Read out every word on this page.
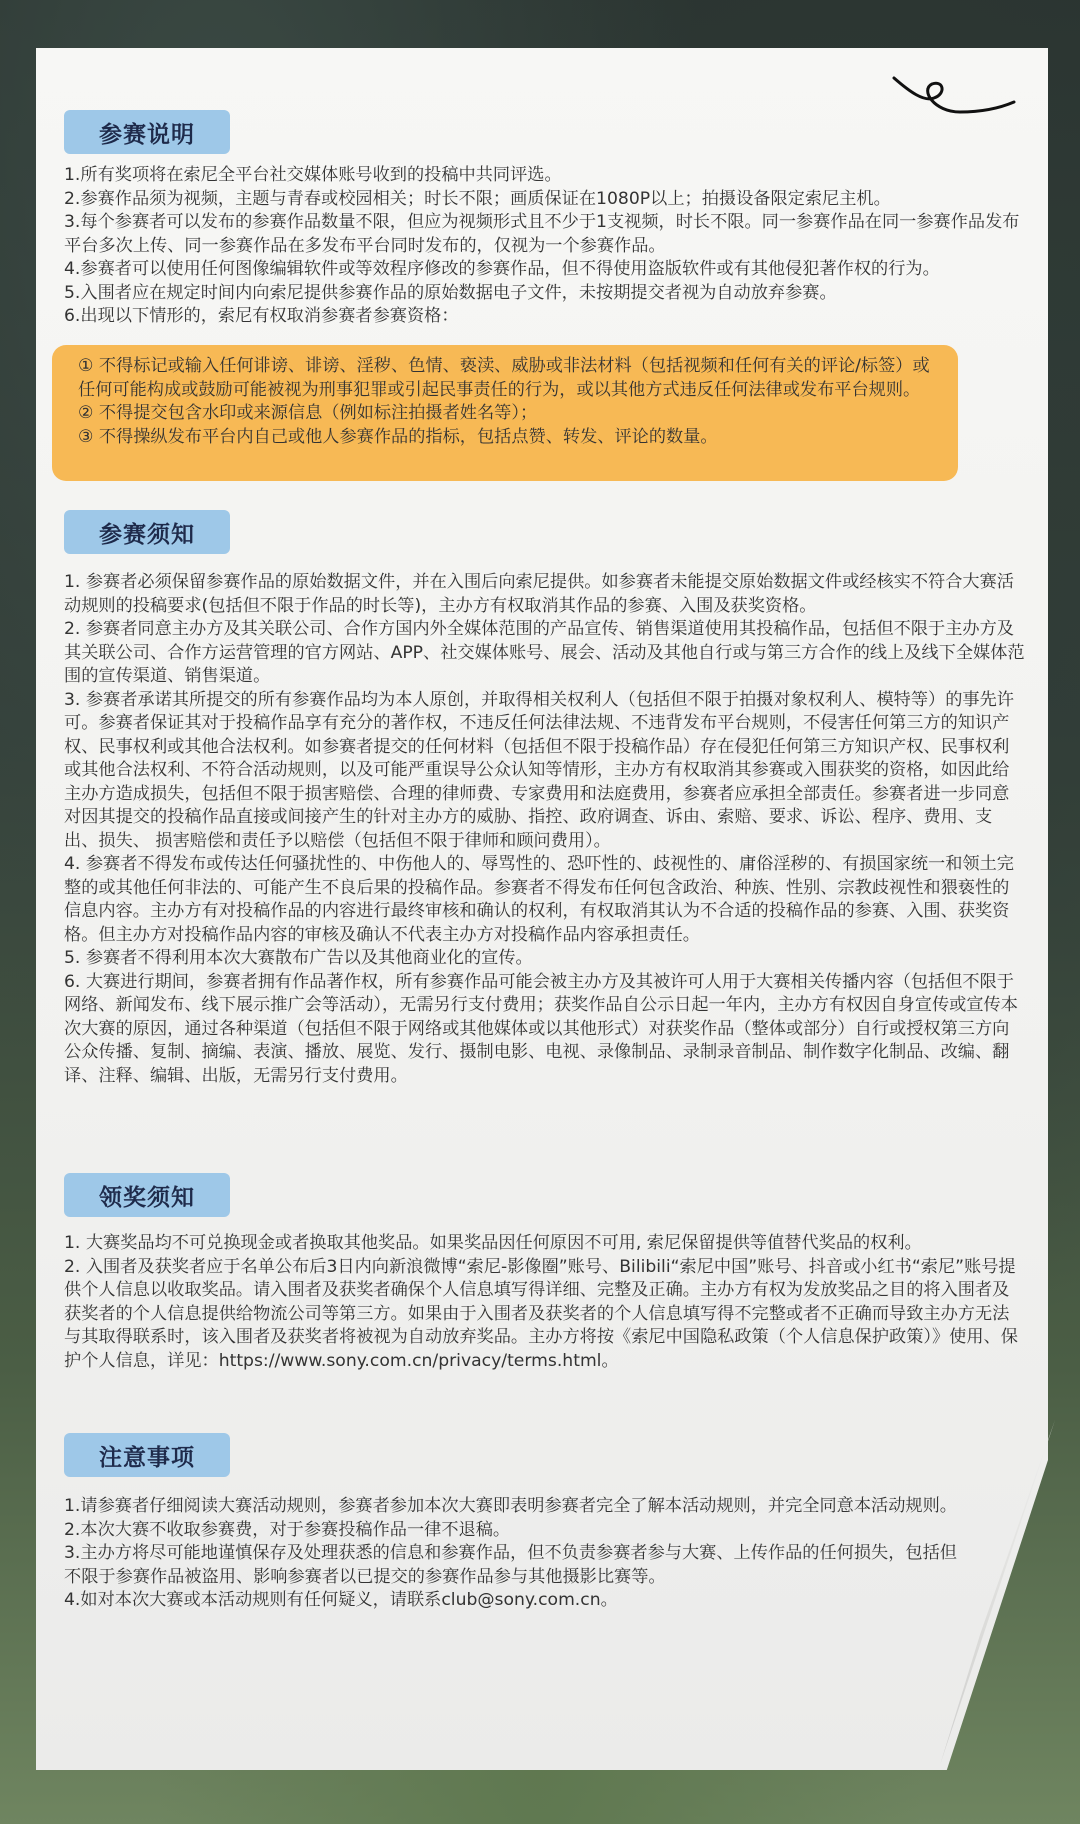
参赛说明

1.所有奖项将在索尼全平台社交媒体账号收到的投稿中共同评选。

2.参赛作品须为视频，主题与青春或校园相关；时长不限；画质保证在1080P以上；拍摄设备限定索尼主机。

3.每个参赛者可以发布的参赛作品数量不限，但应为视频形式且不少于1支视频，时长不限。同一参赛作品在同一参赛作品发布平台多次上传、同一参赛作品在多发布平台同时发布的，仅视为一个参赛作品。

4.参赛者可以使用任何图像编辑软件或等效程序修改的参赛作品，但不得使用盗版软件或有其他侵犯著作权的行为。

5.入围者应在规定时间内向索尼提供参赛作品的原始数据电子文件，未按期提交者视为自动放弃参赛。

6.出现以下情形的，索尼有权取消参赛者参赛资格：

① 不得标记或输入任何诽谤、诽谤、淫秽、色情、亵渎、威胁或非法材料（包括视频和任何有关的评论/标签）或任何可能构成或鼓励可能被视为刑事犯罪或引起民事责任的行为，或以其他方式违反任何法律或发布平台规则。

② 不得提交包含水印或来源信息（例如标注拍摄者姓名等）；

③ 不得操纵发布平台内自己或他人参赛作品的指标，包括点赞、转发、评论的数量。

参赛须知

1. 参赛者必须保留参赛作品的原始数据文件，并在入围后向索尼提供。如参赛者未能提交原始数据文件或经核实不符合大赛活动规则的投稿要求(包括但不限于作品的时长等)，主办方有权取消其作品的参赛、入围及获奖资格。

2. 参赛者同意主办方及其关联公司、合作方国内外全媒体范围的产品宣传、销售渠道使用其投稿作品，包括但不限于主办方及其关联公司、合作方运营管理的官方网站、APP、社交媒体账号、展会、活动及其他自行或与第三方合作的线上及线下全媒体范围的宣传渠道、销售渠道。

3. 参赛者承诺其所提交的所有参赛作品均为本人原创，并取得相关权利人（包括但不限于拍摄对象权利人、模特等）的事先许可。参赛者保证其对于投稿作品享有充分的著作权，不违反任何法律法规、不违背发布平台规则，不侵害任何第三方的知识产权、民事权利或其他合法权利。如参赛者提交的任何材料（包括但不限于投稿作品）存在侵犯任何第三方知识产权、民事权利或其他合法权利、不符合活动规则，以及可能严重误导公众认知等情形，主办方有权取消其参赛或入围获奖的资格，如因此给主办方造成损失，包括但不限于损害赔偿、合理的律师费、专家费用和法庭费用，参赛者应承担全部责任。参赛者进一步同意对因其提交的投稿作品直接或间接产生的针对主办方的威胁、指控、政府调查、诉由、索赔、要求、诉讼、程序、费用、支出、损失、 损害赔偿和责任予以赔偿（包括但不限于律师和顾问费用）。

4. 参赛者不得发布或传达任何骚扰性的、中伤他人的、辱骂性的、恐吓性的、歧视性的、庸俗淫秽的、有损国家统一和领土完整的或其他任何非法的、可能产生不良后果的投稿作品。参赛者不得发布任何包含政治、种族、性别、宗教歧视性和猥亵性的信息内容。主办方有对投稿作品的内容进行最终审核和确认的权利，有权取消其认为不合适的投稿作品的参赛、入围、获奖资格。但主办方对投稿作品内容的审核及确认不代表主办方对投稿作品内容承担责任。

5. 参赛者不得利用本次大赛散布广告以及其他商业化的宣传。

6. 大赛进行期间，参赛者拥有作品著作权，所有参赛作品可能会被主办方及其被许可人用于大赛相关传播内容（包括但不限于网络、新闻发布、线下展示推广会等活动），无需另行支付费用；获奖作品自公示日起一年内，主办方有权因自身宣传或宣传本次大赛的原因，通过各种渠道（包括但不限于网络或其他媒体或以其他形式）对获奖作品（整体或部分）自行或授权第三方向公众传播、复制、摘编、表演、播放、展览、发行、摄制电影、电视、录像制品、录制录音制品、制作数字化制品、改编、翻译、注释、编辑、出版，无需另行支付费用。

领奖须知

1. 大赛奖品均不可兑换现金或者换取其他奖品。如果奖品因任何原因不可用, 索尼保留提供等值替代奖品的权利。

2. 入围者及获奖者应于名单公布后3日内向新浪微博“索尼-影像圈”账号、Bilibili“索尼中国”账号、抖音或小红书“索尼”账号提供个人信息以收取奖品。请入围者及获奖者确保个人信息填写得详细、完整及正确。主办方有权为发放奖品之目的将入围者及获奖者的个人信息提供给物流公司等第三方。如果由于入围者及获奖者的个人信息填写得不完整或者不正确而导致主办方无法与其取得联系时，该入围者及获奖者将被视为自动放弃奖品。主办方将按《索尼中国隐私政策（个人信息保护政策）》使用、保护个人信息，详见：https://www.sony.com.cn/privacy/terms.html。

注意事项

1.请参赛者仔细阅读大赛活动规则，参赛者参加本次大赛即表明参赛者完全了解本活动规则，并完全同意本活动规则。

2.本次大赛不收取参赛费，对于参赛投稿作品一律不退稿。

3.主办方将尽可能地谨慎保存及处理获悉的信息和参赛作品，但不负责参赛者参与大赛、上传作品的任何损失，包括但不限于参赛作品被盗用、影响参赛者以已提交的参赛作品参与其他摄影比赛等。

4.如对本次大赛或本活动规则有任何疑义，请联系club@sony.com.cn。
